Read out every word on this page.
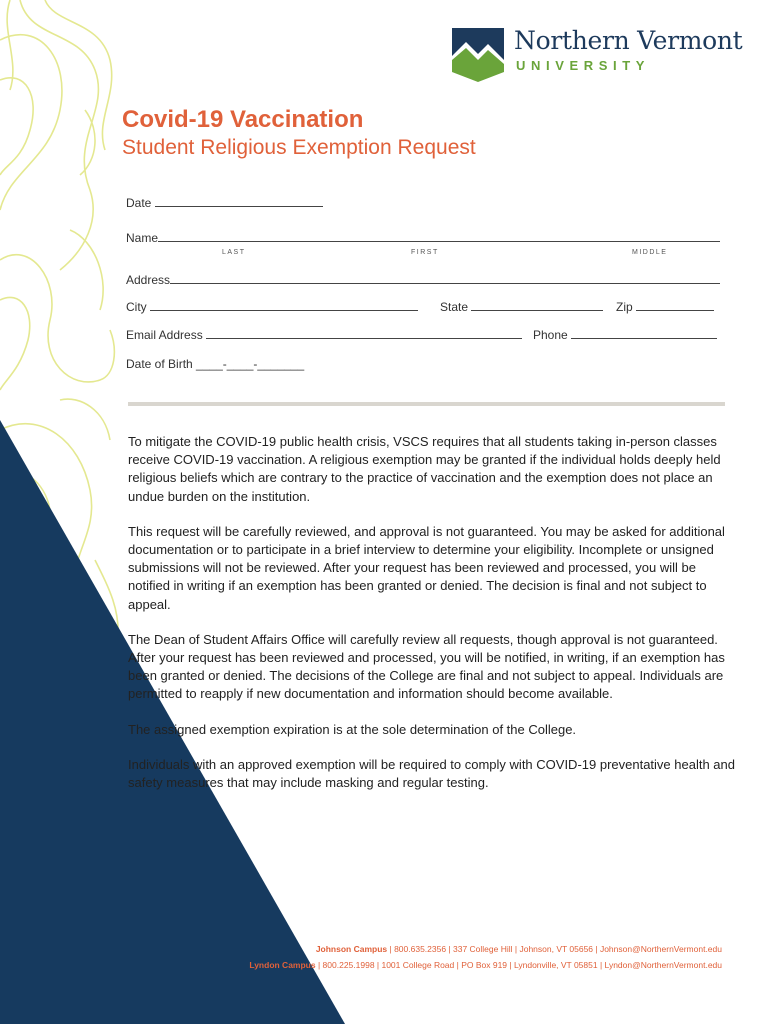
Northern Vermont
UNIVERSITY
Covid-19 Vaccination
Student Religious Exemption Request
Date
Name
LAST	FIRST	MIDDLE
Address
City	State	Zip
Email Address	Phone
Date of Birth ____-____-_______

To mitigate the COVID-19 public health crisis, VSCS requires that all students taking in-person classes receive COVID-19 vaccination. A religious exemption may be granted if the individual holds deeply held religious beliefs which are contrary to the practice of vaccination and the exemption does not place an undue burden on the institution.

This request will be carefully reviewed, and approval is not guaranteed. You may be asked for additional documentation or to participate in a brief interview to determine your eligibility. Incomplete or unsigned submissions will not be reviewed. After your request has been reviewed and processed, you will be notified in writing if an exemption has been granted or denied. The decision is final and not subject to appeal.

The Dean of Student Affairs Office will carefully review all requests, though approval is not guaranteed. After your request has been reviewed and processed, you will be notified, in writing, if an exemption has been granted or denied. The decisions of the College are final and not subject to appeal. Individuals are permitted to reapply if new documentation and information should become available.

The assigned exemption expiration is at the sole determination of the College.

Individuals with an approved exemption will be required to comply with COVID-19 preventative health and safety measures that may include masking and regular testing.

Johnson Campus | 800.635.2356 | 337 College Hill | Johnson, VT 05656 | Johnson@NorthernVermont.edu
Lyndon Campus | 800.225.1998 | 1001 College Road | PO Box 919 | Lyndonville, VT 05851 | Lyndon@NorthernVermont.edu
